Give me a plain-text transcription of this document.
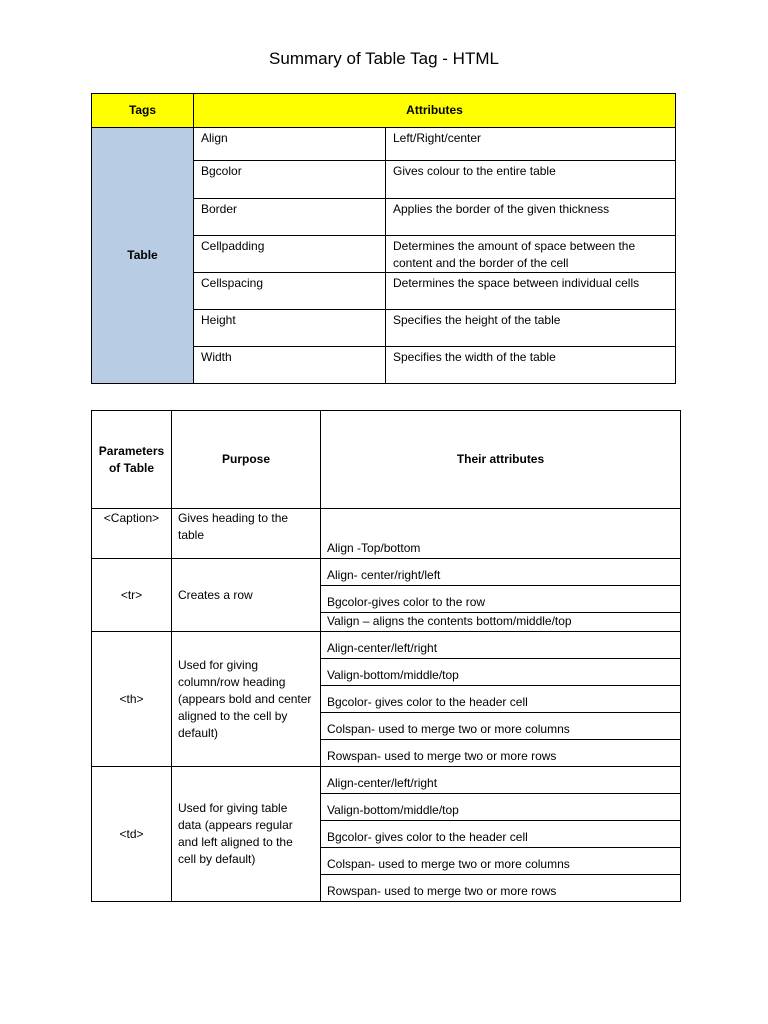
Summary of Table Tag - HTML
Tags	Attributes	
Table	Align	Left/Right/center
	Bgcolor	Gives colour to the entire table
	Border	Applies the border of the given thickness
	Cellpadding	Determines the amount of space between the content and the border of the cell
	Cellspacing	Determines the space between individual cells
	Height	Specifies the height of the table
	Width	Specifies the width of the table
Parameters of Table	Purpose	Their attributes
<Caption>	Gives heading to the table	Align -Top/bottom
<tr>	Creates a row	Align- center/right/left
		Bgcolor-gives color to the row
		Valign – aligns the contents bottom/middle/top
<th>	Used for giving column/row heading (appears bold and center aligned to the cell by default)	Align-center/left/right
		Valign-bottom/middle/top
		Bgcolor- gives color to the header cell
		Colspan- used to merge two or more columns
		Rowspan- used to merge two or more rows
<td>	Used for giving table data (appears regular and left aligned to the cell by default)	Align-center/left/right
		Valign-bottom/middle/top
		Bgcolor- gives color to the header cell
		Colspan- used to merge two or more columns
		Rowspan- used to merge two or more rows
